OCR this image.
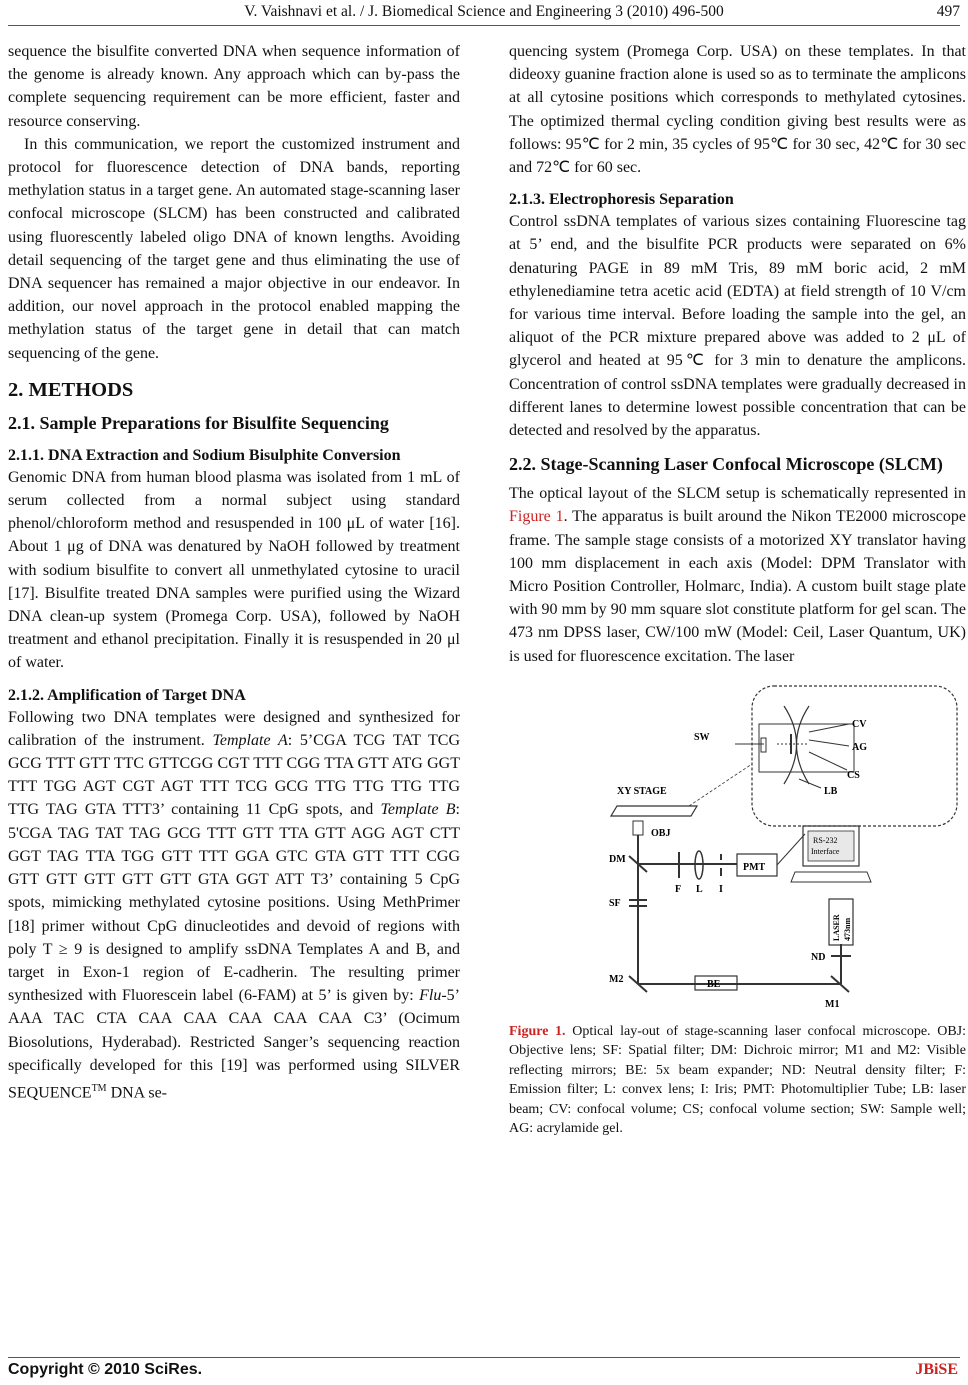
V. Vaishnavi et al. / J. Biomedical Science and Engineering 3 (2010) 496-500	497

sequence the bisulfite converted DNA when sequence information of the genome is already known. Any approach which can by-pass the complete sequencing requirement can be more efficient, faster and resource conserving.

In this communication, we report the customized instrument and protocol for fluorescence detection of DNA bands, reporting methylation status in a target gene. An automated stage-scanning laser confocal microscope (SLCM) has been constructed and calibrated using fluorescently labeled oligo DNA of known lengths. Avoiding detail sequencing of the target gene and thus eliminating the use of DNA sequencer has remained a major objective in our endeavor. In addition, our novel approach in the protocol enabled mapping the methylation status of the target gene in detail that can match sequencing of the gene.

2. METHODS
2.1. Sample Preparations for Bisulfite Sequencing
2.1.1. DNA Extraction and Sodium Bisulphite Conversion

Genomic DNA from human blood plasma was isolated from 1 mL of serum collected from a normal subject using standard phenol/chloroform method and resuspended in 100 μL of water [16]. About 1 μg of DNA was denatured by NaOH followed by treatment with sodium bisulfite to convert all unmethylated cytosine to uracil [17]. Bisulfite treated DNA samples were purified using the Wizard DNA clean-up system (Promega Corp. USA), followed by NaOH treatment and ethanol precipitation. Finally it is resuspended in 20 μl of water.

2.1.2. Amplification of Target DNA

Following two DNA templates were designed and synthesized for calibration of the instrument. Template A: 5’CGA TCG TAT TCG GCG TTT GTT TTC GTTCGG CGT TTT CGG TTA GTT ATG GGT TTT TGG AGT CGT AGT TTT TCG GCG TTG TTG TTG TTG TTG TAG GTA TTT3’ containing 11 CpG spots, and Template B: 5'CGA TAG TAT TAG GCG TTT GTT TTA GTT AGG AGT CTT GGT TAG TTA TGG GTT TTT GGA GTC GTA GTT TTT CGG GTT GTT GTT GTT GTT GTA GGT ATT T3’ containing 5 CpG spots, mimicking methylated cytosine positions. Using MethPrimer [18] primer without CpG dinucleotides and devoid of regions with poly T ≥ 9 is designed to amplify ssDNA Templates A and B, and target in Exon-1 region of E-cadherin. The resulting primer synthesized with Fluorescein label (6-FAM) at 5’ is given by: Flu-5’ AAA TAC CTA CAA CAA CAA CAA CAA C3’ (Ocimum Biosolutions, Hyderabad). Restricted Sanger’s sequencing reaction specifically developed for this [19] was performed using SILVER SEQUENCE™ DNA se-

quencing system (Promega Corp. USA) on these templates. In that dideoxy guanine fraction alone is used so as to terminate the amplicons at all cytosine positions which corresponds to methylated cytosines. The optimized thermal cycling condition giving best results were as follows: 95℃ for 2 min, 35 cycles of 95℃ for 30 sec, 42℃ for 30 sec and 72℃ for 60 sec.

2.1.3. Electrophoresis Separation

Control ssDNA templates of various sizes containing Fluorescine tag at 5’ end, and the bisulfite PCR products were separated on 6% denaturing PAGE in 89 mM Tris, 89 mM boric acid, 2 mM ethylenediamine tetra acetic acid (EDTA) at field strength of 10 V/cm for various time interval. Before loading the sample into the gel, an aliquot of the PCR mixture prepared above was added to 2 μL of glycerol and heated at 95℃ for 3 min to denature the amplicons. Concentration of control ssDNA templates were gradually decreased in different lanes to determine lowest possible concentration that can be detected and resolved by the apparatus.

2.2. Stage-Scanning Laser Confocal Microscope (SLCM)

The optical layout of the SLCM setup is schematically represented in Figure 1. The apparatus is built around the Nikon TE2000 microscope frame. The sample stage consists of a motorized XY translator having 100 mm displacement in each axis (Model: DPM Translator with Micro Position Controller, Holmarc, India). A custom built stage plate with 90 mm by 90 mm square slot constitute platform for gel scan. The 473 nm DPSS laser, CW/100 mW (Model: Ceil, Laser Quantum, UK) is used for fluorescence excitation. The laser

SW
CV
AG
CS
LB
XY STAGE
OBJ
DM
F L I
PMT
RS-232
Interface
SF
M2	BE
M1
ND
LASER 473nm

Figure 1. Optical lay-out of stage-scanning laser confocal microscope. OBJ: Objective lens; SF: Spatial filter; DM: Dichroic mirror; M1 and M2: Visible reflecting mirrors; BE: 5x beam expander; ND: Neutral density filter; F: Emission filter; L: convex lens; I: Iris; PMT: Photomultiplier Tube; LB: laser beam; CV: confocal volume; CS; confocal volume section; SW: Sample well; AG: acrylamide gel.

Copyright © 2010 SciRes.	JBiSE
